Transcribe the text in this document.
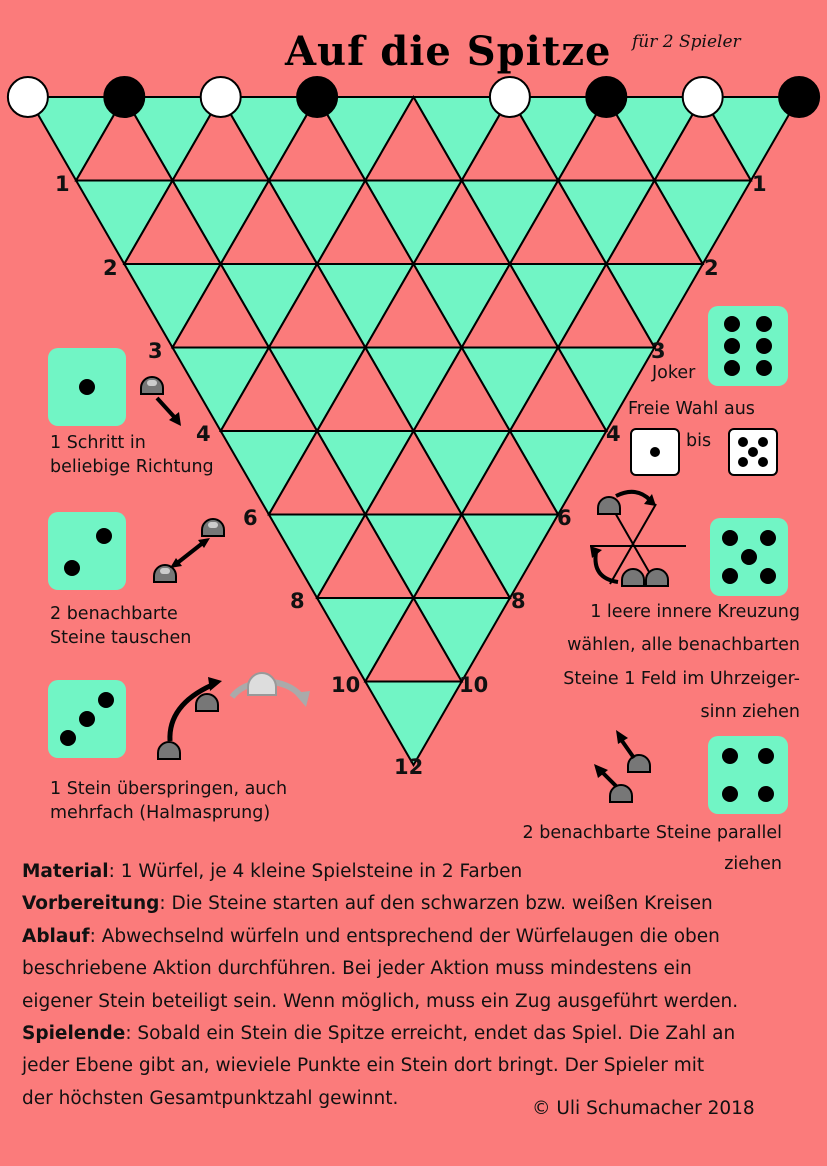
Auf die Spitze für 2 Spieler
1
2
3
4
6
8
10
12
1
2
3
4
6
8
10
1 Schritt in
beliebige Richtung
2 benachbarte
Steine tauschen
1 Stein überspringen, auch
mehrfach (Halmasprung)
Joker
Freie Wahl aus
bis
1 leere innere Kreuzung
wählen, alle benachbarten
Steine 1 Feld im Uhrzeiger-
sinn ziehen
2 benachbarte Steine parallel
ziehen

Material: 1 Würfel, je 4 kleine Spielsteine in 2 Farben

Vorbereitung: Die Steine starten auf den schwarzen bzw. weißen Kreisen

Ablauf: Abwechselnd würfeln und entsprechend der Würfelaugen die oben

beschriebene Aktion durchführen. Bei jeder Aktion muss mindestens ein

eigener Stein beteiligt sein. Wenn möglich, muss ein Zug ausgeführt werden.

Spielende: Sobald ein Stein die Spitze erreicht, endet das Spiel. Die Zahl an

jeder Ebene gibt an, wieviele Punkte ein Stein dort bringt. Der Spieler mit

der höchsten Gesamtpunktzahl gewinnt.	© Uli Schumacher 2018
